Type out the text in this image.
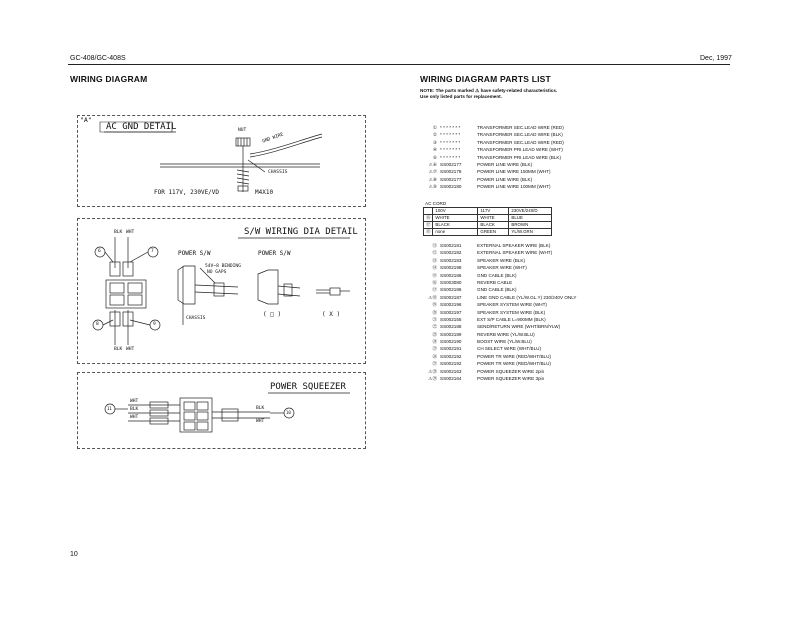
GC-408/GC-408S	Dec, 1997
WIRING DIAGRAM	WIRING DIAGRAM PARTS LIST
NOTE: The parts marked ⚠ have safety-related characteristics.
Use only listed parts for replacement.
① * * * * * * *	TRANSFORMER SEC.LEAD WIRE (RED)
② * * * * * * *	TRANSFORMER SEC.LEAD WIRE (BLK)
③ * * * * * * *	TRANSFORMER SEC.LEAD WIRE (RED)
④ * * * * * * *	TRANSFORMER PRI.LEAD WIRE (WHT)
⑤ * * * * * * *	TRANSFORMER PRI.LEAD WIRE (BLK)
⚠⑥ SS002177	POWER LINE WIRE (BLK)
⚠⑦ SS002178	POWER LINE WIRE 150MM (WHT)
⚠⑧ SS002177	POWER LINE WIRE (BLK)
⚠⑨ SS002180	POWER LINE WIRE 100MM (WHT)
AC CORD
	100V	117V	230VE/240/D
⑯	WHITE	WHITE	BLUE
⑰	BLACK	BLACK	BROWN
⑱	none	GREEN	YL/W.GRN
⑪ SS002181	EXTERNAL SPEAKER WIRE (BLK)
⑫ SS002182	EXTERNAL SPEAKER WIRE (WHT)
⑬ SS002183	SPEAKER WIRE (BLK)
⑭ SS002198	SPEAKER WIRE (WHT)
⑮ SS002186	GND CABLE (BLK)
⑯ SS003080	REVERB CABLE
⑰ SS002186	GND CABLE (BLK)
⚠⑱ SS002187	LINE GND CABLE (YL/W.GL.Y) 230/240V ONLY
⑲ SS002196	SPEAKER SYSTEM WIRE (WHT)
⑳ SS002197	SPEAKER SYSTEM WIRE (BLK)
㉑ SS002155	EXT S/P CABLE L=900MM (BLK)
㉒ SS002188	SEND/RETURN WIRE (WHT/BRN/YLW)
㉓ SS002189	REVERB WIRE (YL/W.BLU)
㉔ SS002190	BOOST WIRE (YL/W.BLU)
㉕ SS002191	CH SELECT WIRE (WHT/BLU)
㉖ SS002192	POWER TR WIRE (RED/WHT/BLU)
㉗ SS002192	POWER TR WIRE (RED/WHT/BLU)
⚠㉘ SS002163	POWER SQUEEZER WIRE 2pin
⚠㉙ SS002164	POWER SQUEEZER WIRE 3pin
"A"
AC GND DETAIL	NUT
GND WIRE
CHASSIS
FOR 117V, 230VE/VD	M4X10
S/W WIRING DIA DETAIL
BLK WHT
BLK WHT
6	7
8	9
POWER S/W	POWER S/W
54V~8 BENDING
NO GAPS
CHASSIS
( □ )	( X )
POWER SQUEEZER
11
10
WHT
BLK
WHT
BLK
WHT
10
